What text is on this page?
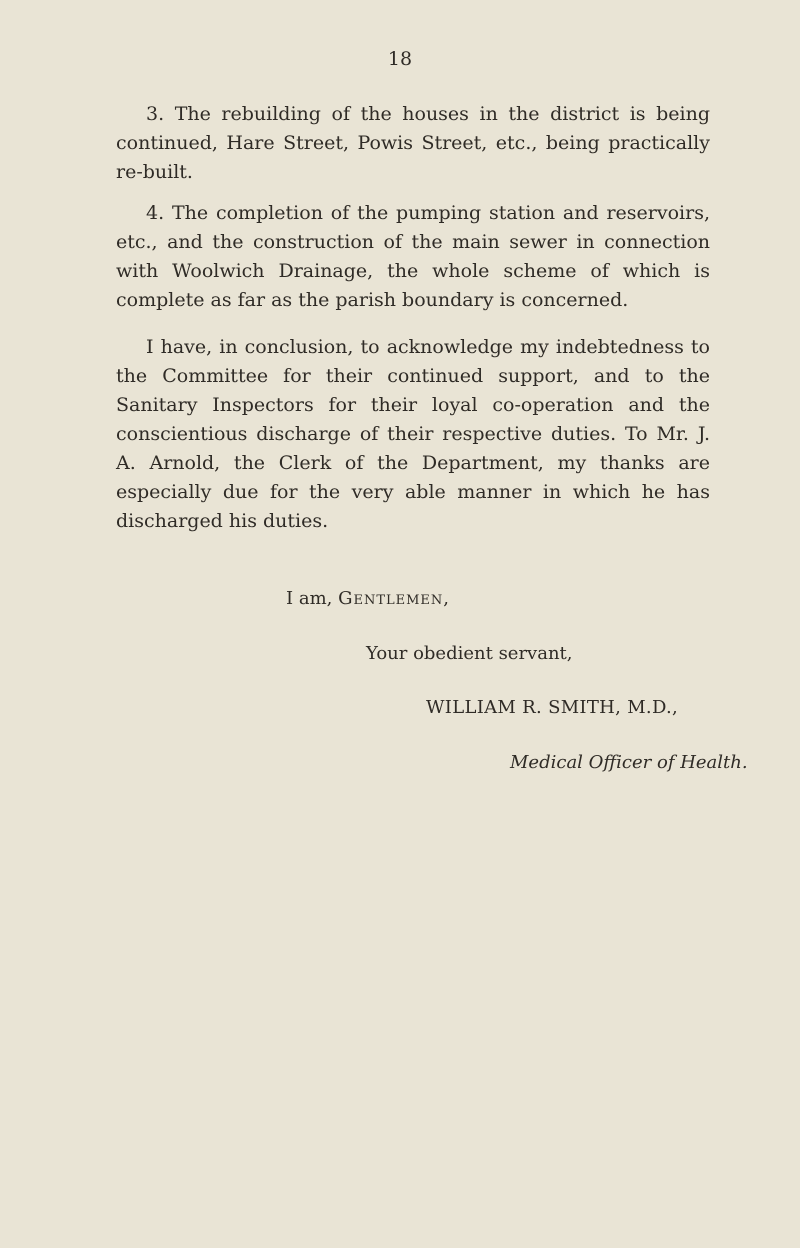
18

3. The rebuilding of the houses in the district is being continued, Hare Street, Powis Street, etc., being practically re-built.

4. The completion of the pumping station and reservoirs, etc., and the construction of the main sewer in connection with Woolwich Drainage, the whole scheme of which is complete as far as the parish boundary is concerned.

I have, in conclusion, to acknowledge my indebtedness to the Committee for their continued support, and to the Sanitary Inspectors for their loyal co-operation and the conscientious discharge of their respective duties. To Mr. J. A. Arnold, the Clerk of the Department, my thanks are especially due for the very able manner in which he has discharged his duties.

I am, Gentlemen,
Your obedient servant,
WILLIAM R. SMITH, M.D.,
Medical Officer of Health.
